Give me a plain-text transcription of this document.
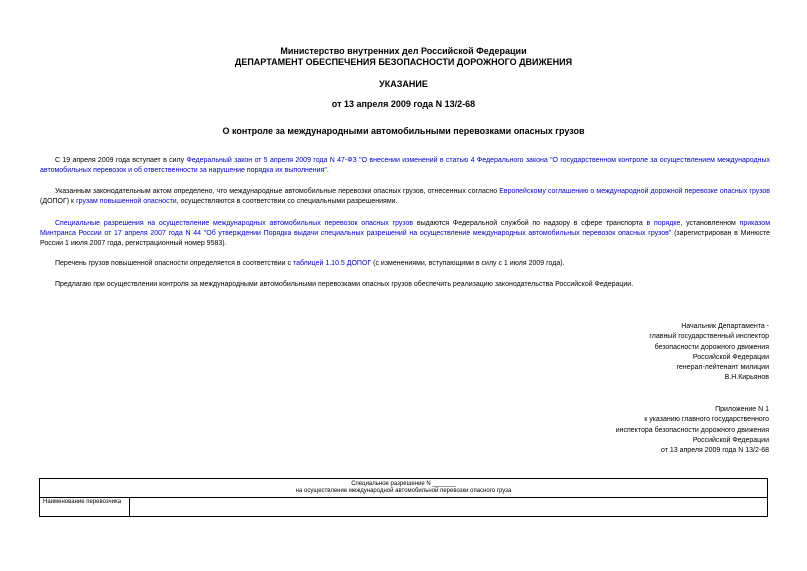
Министерство внутренних дел Российской Федерации
ДЕПАРТАМЕНТ ОБЕСПЕЧЕНИЯ БЕЗОПАСНОСТИ ДОРОЖНОГО ДВИЖЕНИЯ
УКАЗАНИЕ
от 13 апреля 2009 года N 13/2-68
О контроле за международными автомобильными перевозками опасных грузов
С 19 апреля 2009 года вступает в силу Федеральный закон от 5 апреля 2009 года N 47-ФЗ "О внесении изменений в статью 4 Федерального закона "О государственном контроле за осуществлением международных автомобильных перевозок и об ответственности за нарушение порядка их выполнения".
Указанным законодательным актом определено, что международные автомобильные перевозки опасных грузов, отнесенных согласно Европейскому соглашению о международной дорожной перевозке опасных грузов (ДОПОГ) к грузам повышенной опасности, осуществляются в соответствии со специальными разрешениями.
Специальные разрешения на осуществление международных автомобильных перевозок опасных грузов выдаются Федеральной службой по надзору в сфере транспорта в порядке, установленном приказом Минтранса России от 17 апреля 2007 года N 44 "Об утверждении Порядка выдачи специальных разрешений на осуществление международных автомобильных перевозок опасных грузов" (зарегистрирован в Минюсте России 1 июля 2007 года, регистрационный номер 9583).
Перечень грузов повышенной опасности определяется в соответствии с таблицей 1.10.5 ДОПОГ (с изменениями, вступающими в силу с 1 июля 2009 года).
Предлагаю при осуществлении контроля за международными автомобильными перевозками опасных грузов обеспечить реализацию законодательства Российской Федерации.
Начальник Департамента -
главный государственный инспектор
безопасности дорожного движения
Российской Федерации
генерал-лейтенант милиции
В.Н.Кирьянов
Приложение N 1
к указанию главного государственного
инспектора безопасности дорожного движения
Российской Федерации
от 13 апреля 2009 года N 13/2-68
Специальное разрешение N _______
на осуществление международной автомобильной перевозки опасного груза

Наименование перевозчика	
